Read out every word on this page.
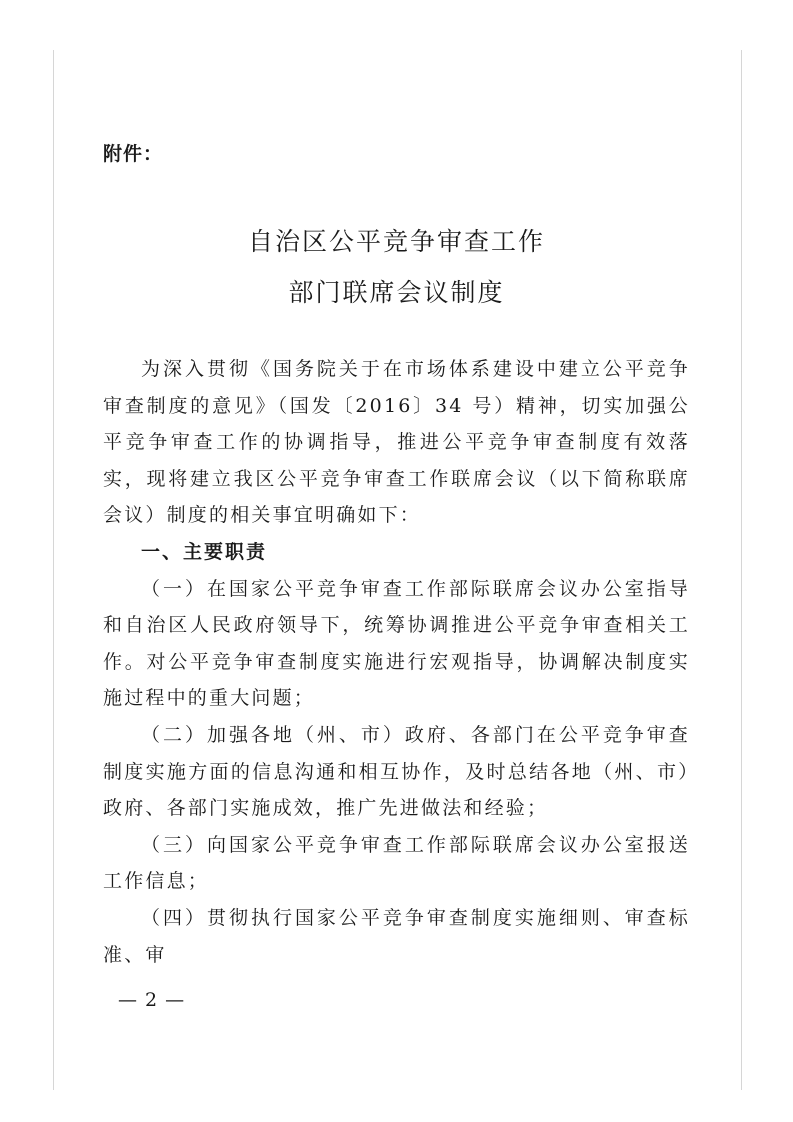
附件：
自治区公平竞争审查工作
部门联席会议制度

为深入贯彻《国务院关于在市场体系建设中建立公平竞争审查制度的意见》（国发〔2016〕34 号）精神，切实加强公平竞争审查工作的协调指导，推进公平竞争审查制度有效落实，现将建立我区公平竞争审查工作联席会议（以下简称联席会议）制度的相关事宜明确如下：

一、主要职责

（一）在国家公平竞争审查工作部际联席会议办公室指导和自治区人民政府领导下，统筹协调推进公平竞争审查相关工作。对公平竞争审查制度实施进行宏观指导，协调解决制度实施过程中的重大问题；

（二）加强各地（州、市）政府、各部门在公平竞争审查制度实施方面的信息沟通和相互协作，及时总结各地（州、市）政府、各部门实施成效，推广先进做法和经验；

（三）向国家公平竞争审查工作部际联席会议办公室报送工作信息；

（四）贯彻执行国家公平竞争审查制度实施细则、审查标准、审

— 2 —
